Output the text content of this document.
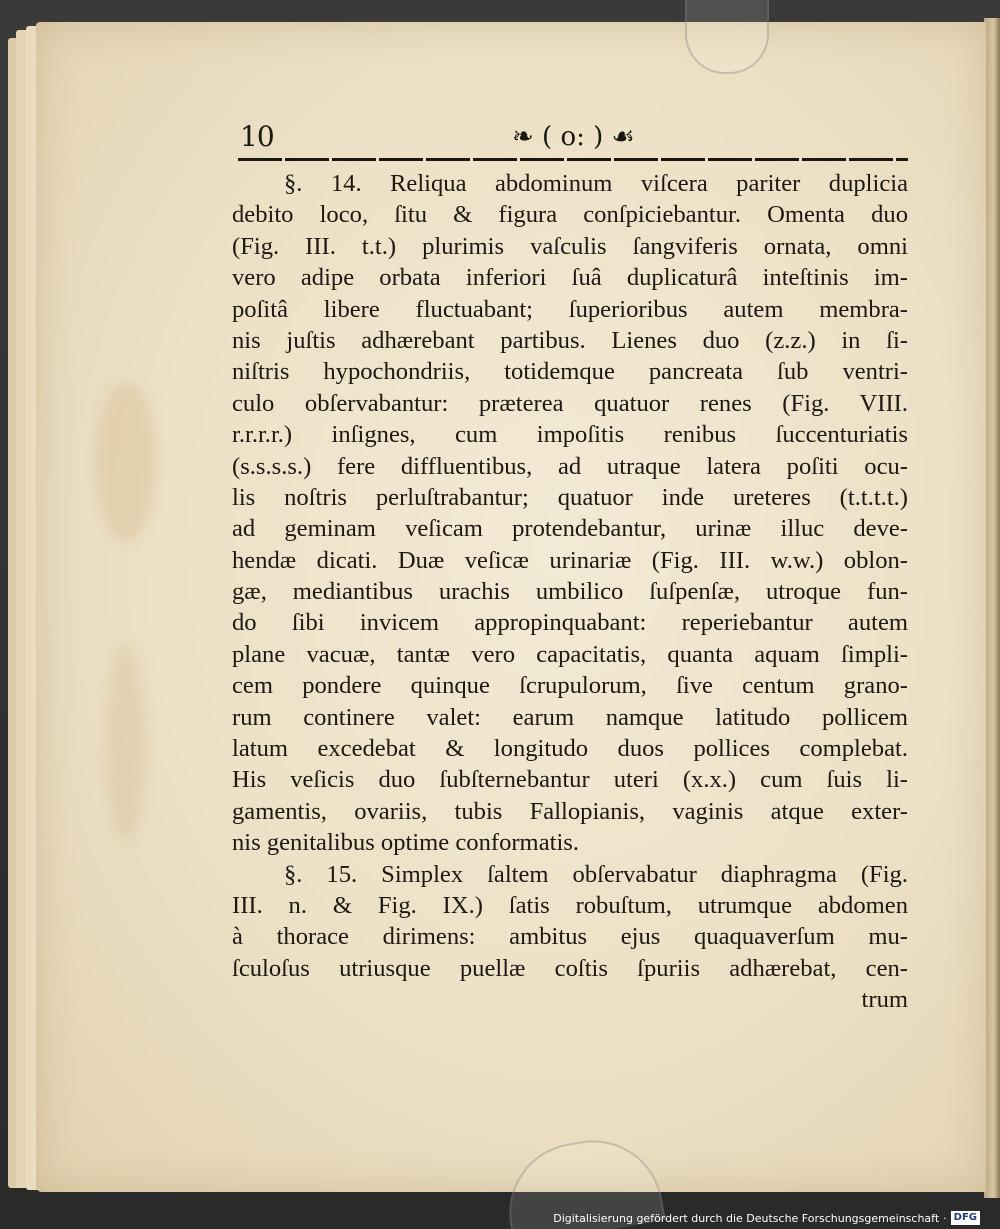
10	❧ ( o: ) ☙
§. 14. Reliqua abdominum viſcera pariter duplicia
debito loco, ſitu & figura conſpiciebantur. Omenta duo
(Fig. III. t.t.) plurimis vaſculis ſangviferis ornata, omni
vero adipe orbata inferiori ſuâ duplicaturâ inteſtinis im-
poſitâ libere fluctuabant; ſuperioribus autem membra-
nis juſtis adhærebant partibus. Lienes duo (z.z.) in ſi-
niſtris hypochondriis, totidemque pancreata ſub ventri-
culo obſervabantur: præterea quatuor renes (Fig. VIII.
r.r.r.r.) inſignes, cum impoſitis renibus ſuccenturiatis
(s.s.s.s.) fere diffluentibus, ad utraque latera poſiti ocu-
lis noſtris perluſtrabantur; quatuor inde ureteres (t.t.t.t.)
ad geminam veſicam protendebantur, urinæ illuc deve-
hendæ dicati. Duæ veſicæ urinariæ (Fig. III. w.w.) oblon-
gæ, mediantibus urachis umbilico ſuſpenſæ, utroque fun-
do ſibi invicem appropinquabant: reperiebantur autem
plane vacuæ, tantæ vero capacitatis, quanta aquam ſimpli-
cem pondere quinque ſcrupulorum, ſive centum grano-
rum continere valet: earum namque latitudo pollicem
latum excedebat & longitudo duos pollices complebat.
His veſicis duo ſubſternebantur uteri (x.x.) cum ſuis li-
gamentis, ovariis, tubis Fallopianis, vaginis atque exter-
nis genitalibus optime conformatis.
§. 15. Simplex ſaltem obſervabatur diaphragma (Fig.
III. n. & Fig. IX.) ſatis robuſtum, utrumque abdomen
à thorace dirimens: ambitus ejus quaquaverſum mu-
ſculoſus utriusque puellæ coſtis ſpuriis adhærebat, cen-
trum
Digitalisierung gefördert durch die Deutsche Forschungsgemeinschaft · DFG
